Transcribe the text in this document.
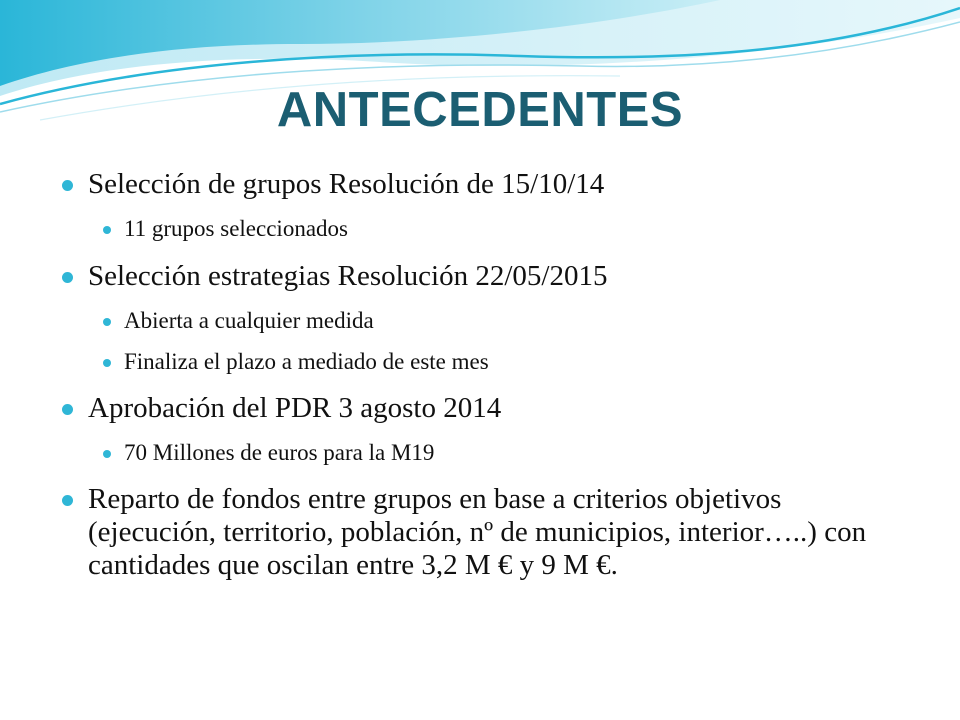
ANTECEDENTES
Selección de grupos Resolución de 15/10/14
11 grupos seleccionados
Selección estrategias Resolución 22/05/2015
Abierta a cualquier medida
Finaliza el plazo a mediado de este mes
Aprobación del PDR 3 agosto 2014
70 Millones de euros para la M19
Reparto de fondos entre grupos en base a criterios objetivos (ejecución, territorio, población, nº de municipios, interior…..) con cantidades que oscilan entre 3,2 M € y 9 M €.
